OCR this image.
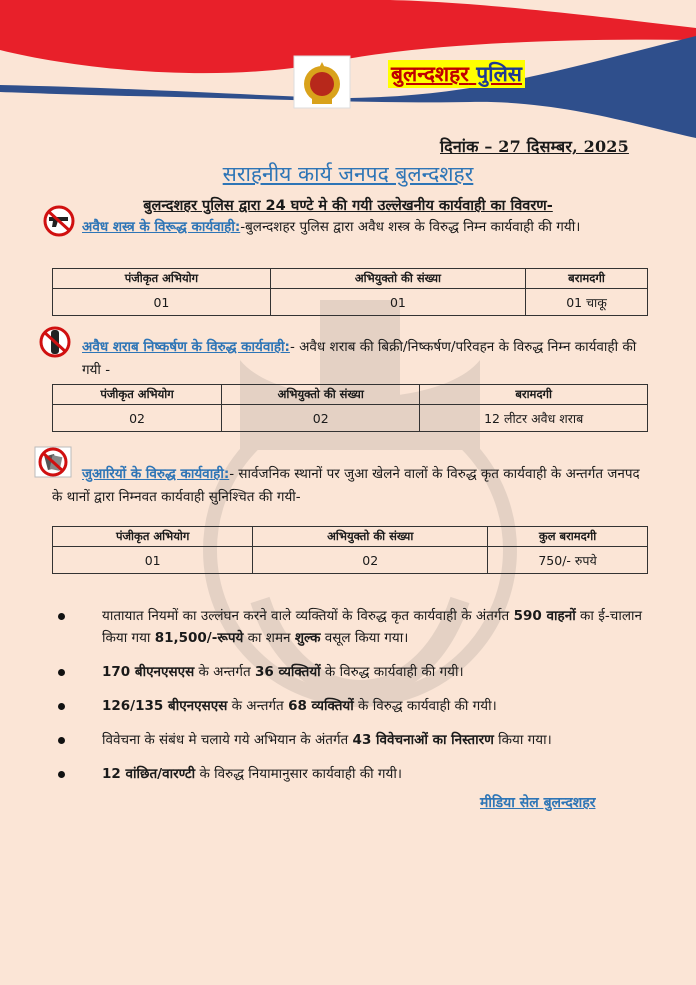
बुलन्दशहर पुलिस
दिनांक – 27 दिसम्बर, 2025
सराहनीय कार्य जनपद बुलन्दशहर
बुलन्दशहर पुलिस द्वारा 24 घण्टे मे की गयी उल्लेखनीय कार्यवाही का विवरण-
अवैध शस्त्र के विरूद्ध कार्यवाही:-बुलन्दशहर पुलिस द्वारा अवैध शस्त्र के विरुद्ध निम्न कार्यवाही की गयी।
पंजीकृत अभियोग	अभियुक्तो की संख्या	बरामदगी
01	01	01 चाकू
अवैध शराब निष्कर्षण के विरुद्ध कार्यवाही:- अवैध शराब की बिक्री/निष्कर्षण/परिवहन के विरुद्ध निम्न कार्यवाही की गयी -
पंजीकृत अभियोग	अभियुक्तो की संख्या	बरामदगी
02	02	12 लीटर अवैध शराब
जुआरियों के विरुद्ध कार्यवाही:- सार्वजनिक स्थानों पर जुआ खेलने वालों के विरुद्ध कृत कार्यवाही के अन्तर्गत जनपद के थानों द्वारा निम्नवत कार्यवाही सुनिश्चित की गयी-
पंजीकृत अभियोग	अभियुक्तो की संख्या	कुल बरामदगी
01	02	750/- रुपये
यातायात नियमों का उल्लंघन करने वाले व्यक्तियों के विरुद्ध कृत कार्यवाही के अंतर्गत 590 वाहनों का ई-चालान किया गया 81,500/-रूपये का शमन शुल्क वसूल किया गया।
170 बीएनएसएस के अन्तर्गत 36 व्यक्तियों के विरुद्ध कार्यवाही की गयी।
126/135 बीएनएसएस के अन्तर्गत 68 व्यक्तियों के विरुद्ध कार्यवाही की गयी।
विवेचना के संबंध मे चलाये गये अभियान के अंतर्गत 43 विवेचनाओं का निस्तारण किया गया।
12 वांछित/वारण्टी के विरुद्ध नियामानुसार कार्यवाही की गयी।
मीडिया सेल बुलन्दशहर
